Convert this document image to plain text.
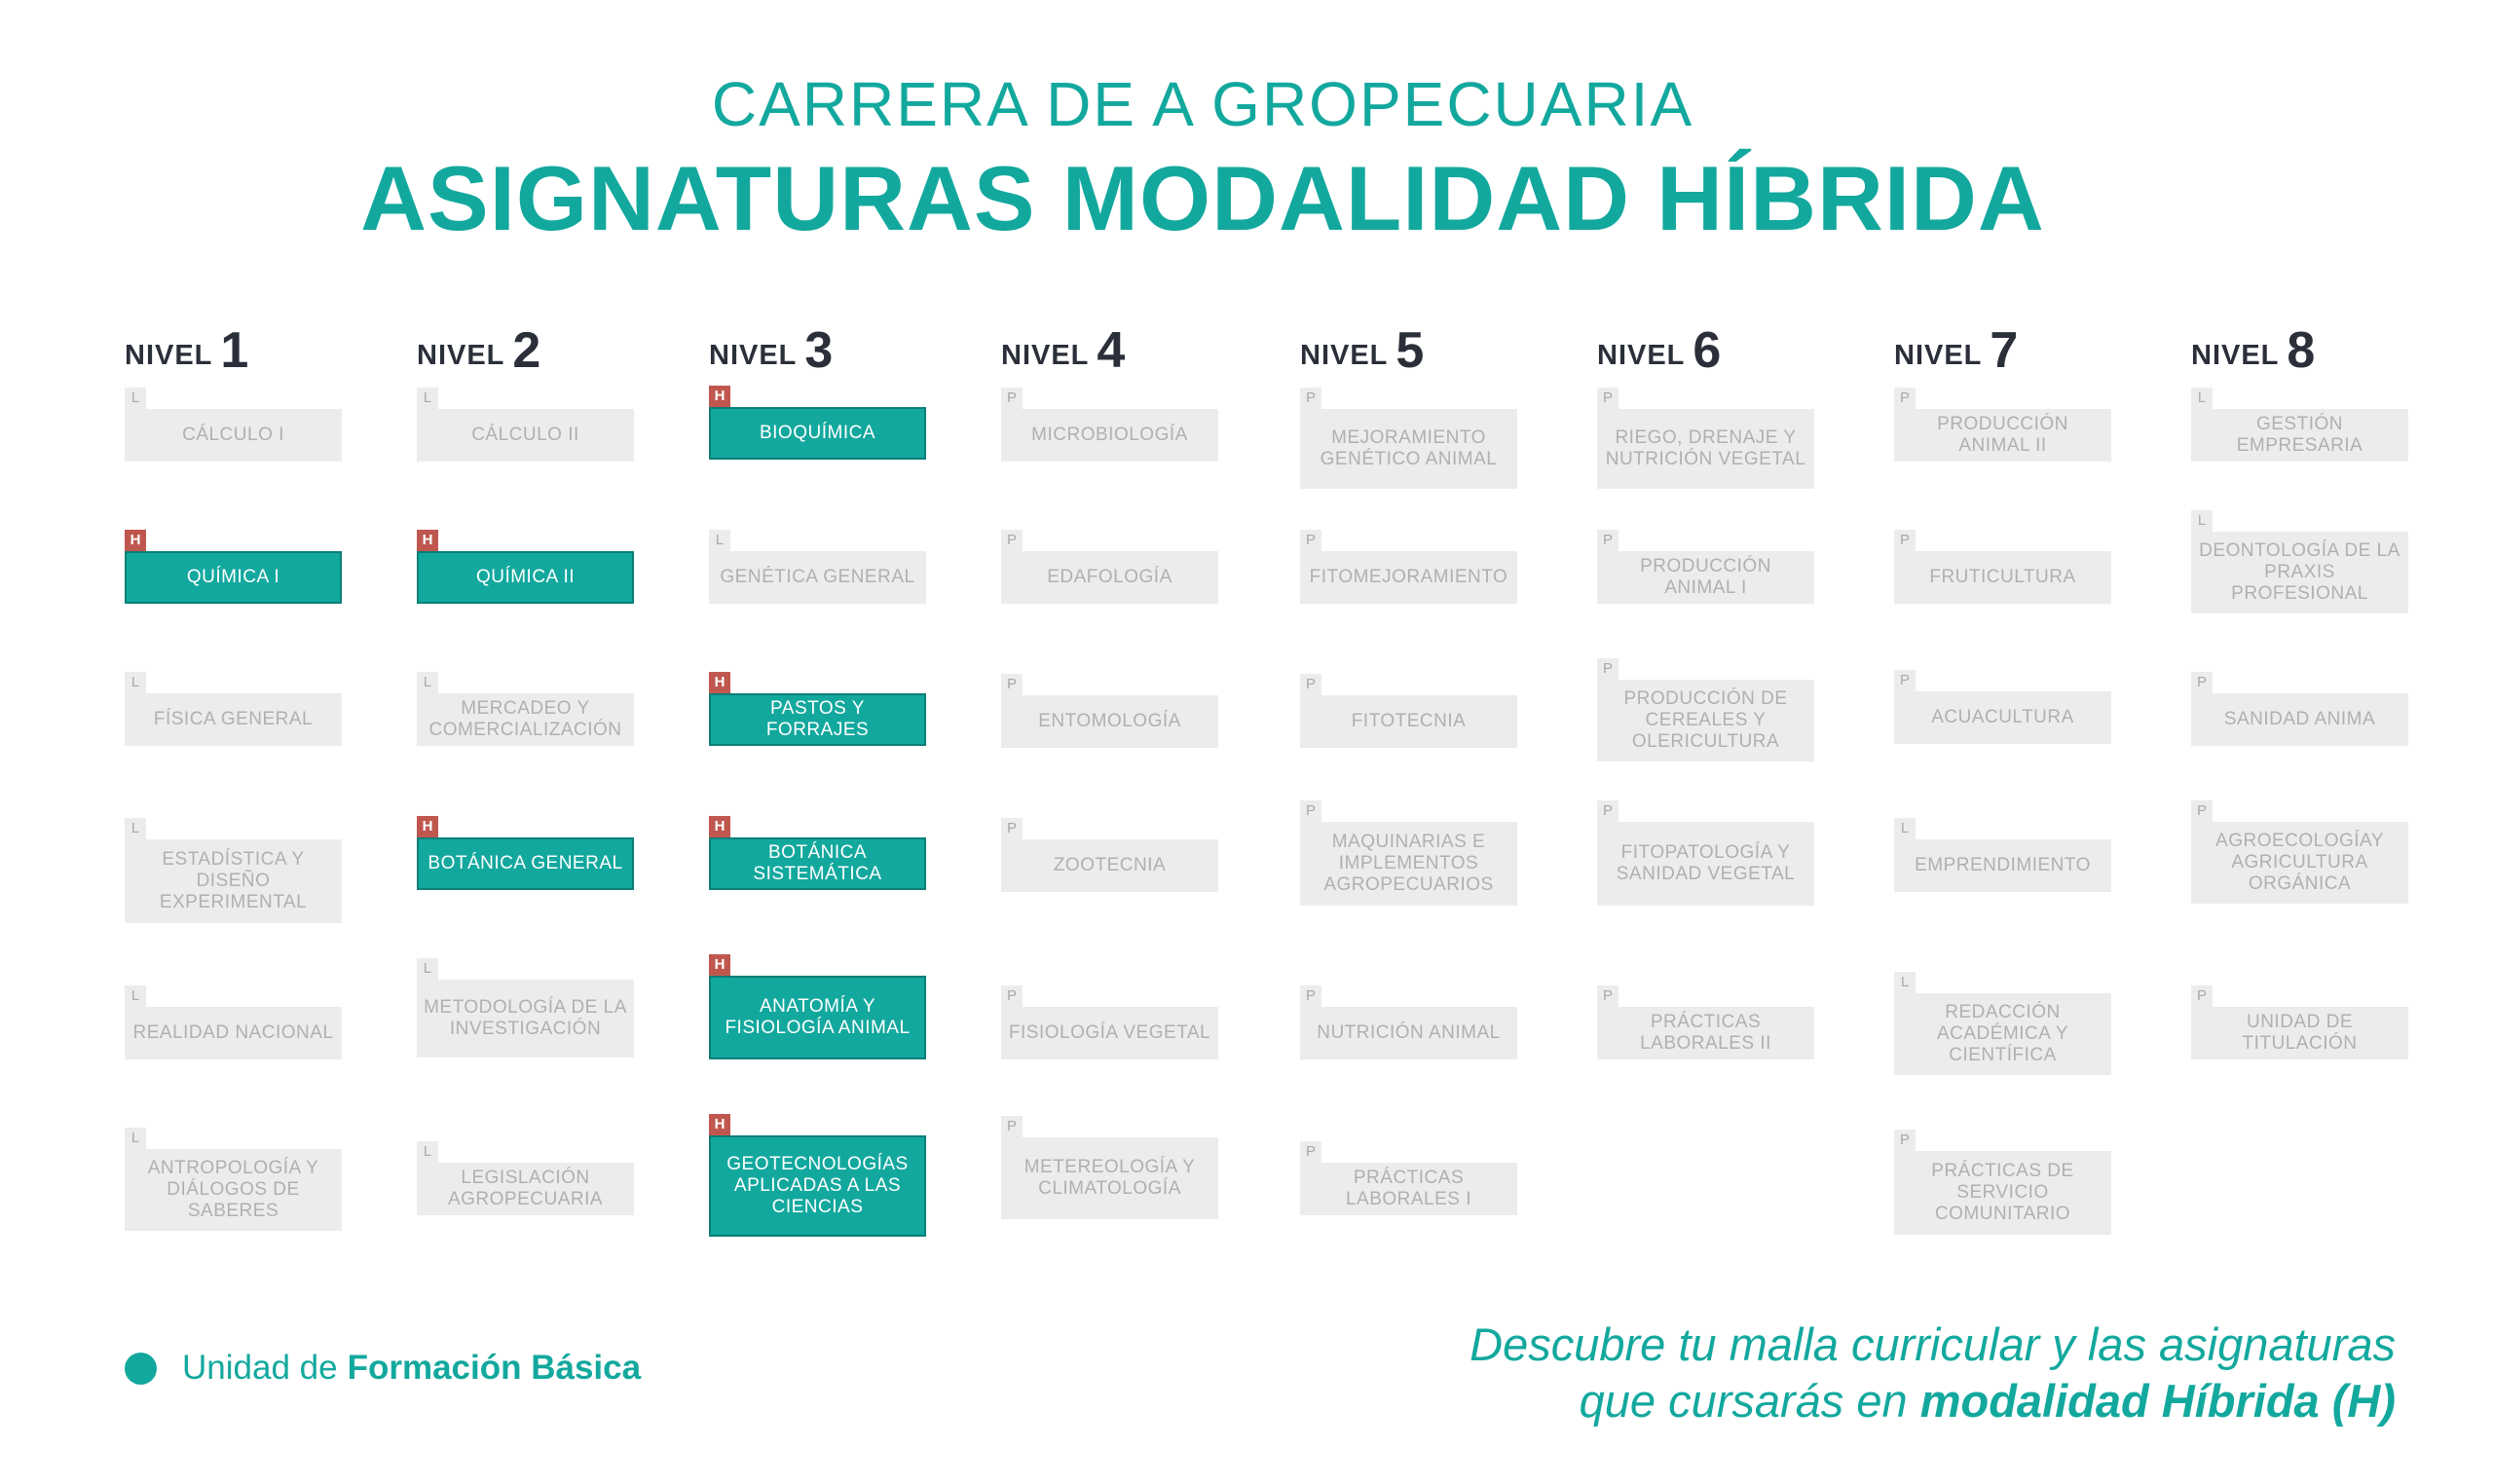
CARRERA DE A GROPECUARIA
ASIGNATURAS MODALIDAD HÍBRIDA
NIVEL 1
L
CÁLCULO I
H
QUÍMICA I
L
FÍSICA GENERAL
L
ESTADÍSTICA Y DISEÑO EXPERIMENTAL
L
REALIDAD NACIONAL
L
ANTROPOLOGÍA Y DIÁLOGOS DE SABERES
NIVEL 2
L
CÁLCULO II
H
QUÍMICA II
L
MERCADEO Y COMERCIALIZACIÓN
H
BOTÁNICA GENERAL
L
METODOLOGÍA DE LA INVESTIGACIÓN
L
LEGISLACIÓN AGROPECUARIA
NIVEL 3
H
BIOQUÍMICA
L
GENÉTICA GENERAL
H
PASTOS Y FORRAJES
H
BOTÁNICA SISTEMÁTICA
H
ANATOMÍA Y FISIOLOGÍA ANIMAL
H
GEOTECNOLOGÍAS APLICADAS A LAS CIENCIAS
NIVEL 4
P
MICROBIOLOGÍA
P
EDAFOLOGÍA
P
ENTOMOLOGÍA
P
ZOOTECNIA
P
FISIOLOGÍA VEGETAL
P
METEREOLOGÍA Y CLIMATOLOGÍA
NIVEL 5
P
MEJORAMIENTO GENÉTICO ANIMAL
P
FITOMEJORAMIENTO
P
FITOTECNIA
P
MAQUINARIAS E IMPLEMENTOS AGROPECUARIOS
P
NUTRICIÓN ANIMAL
P
PRÁCTICAS LABORALES I
NIVEL 6
P
RIEGO, DRENAJE Y NUTRICIÓN VEGETAL
P
PRODUCCIÓN ANIMAL I
P
PRODUCCIÓN DE CEREALES Y OLERICULTURA
P
FITOPATOLOGÍA Y SANIDAD VEGETAL
P
PRÁCTICAS LABORALES II
NIVEL 7
P
PRODUCCIÓN ANIMAL II
P
FRUTICULTURA
P
ACUACULTURA
L
EMPRENDIMIENTO
L
REDACCIÓN ACADÉMICA Y CIENTÍFICA
P
PRÁCTICAS DE SERVICIO COMUNITARIO
NIVEL 8
L
GESTIÓN EMPRESARIA
L
DEONTOLOGÍA DE LA PRAXIS PROFESIONAL
P
SANIDAD ANIMA
P
AGROECOLOGÍAY AGRICULTURA ORGÁNICA
P
UNIDAD DE TITULACIÓN
Unidad de Formación Básica	Descubre tu malla curricular y las asignaturas
que cursarás en modalidad Híbrida (H)
